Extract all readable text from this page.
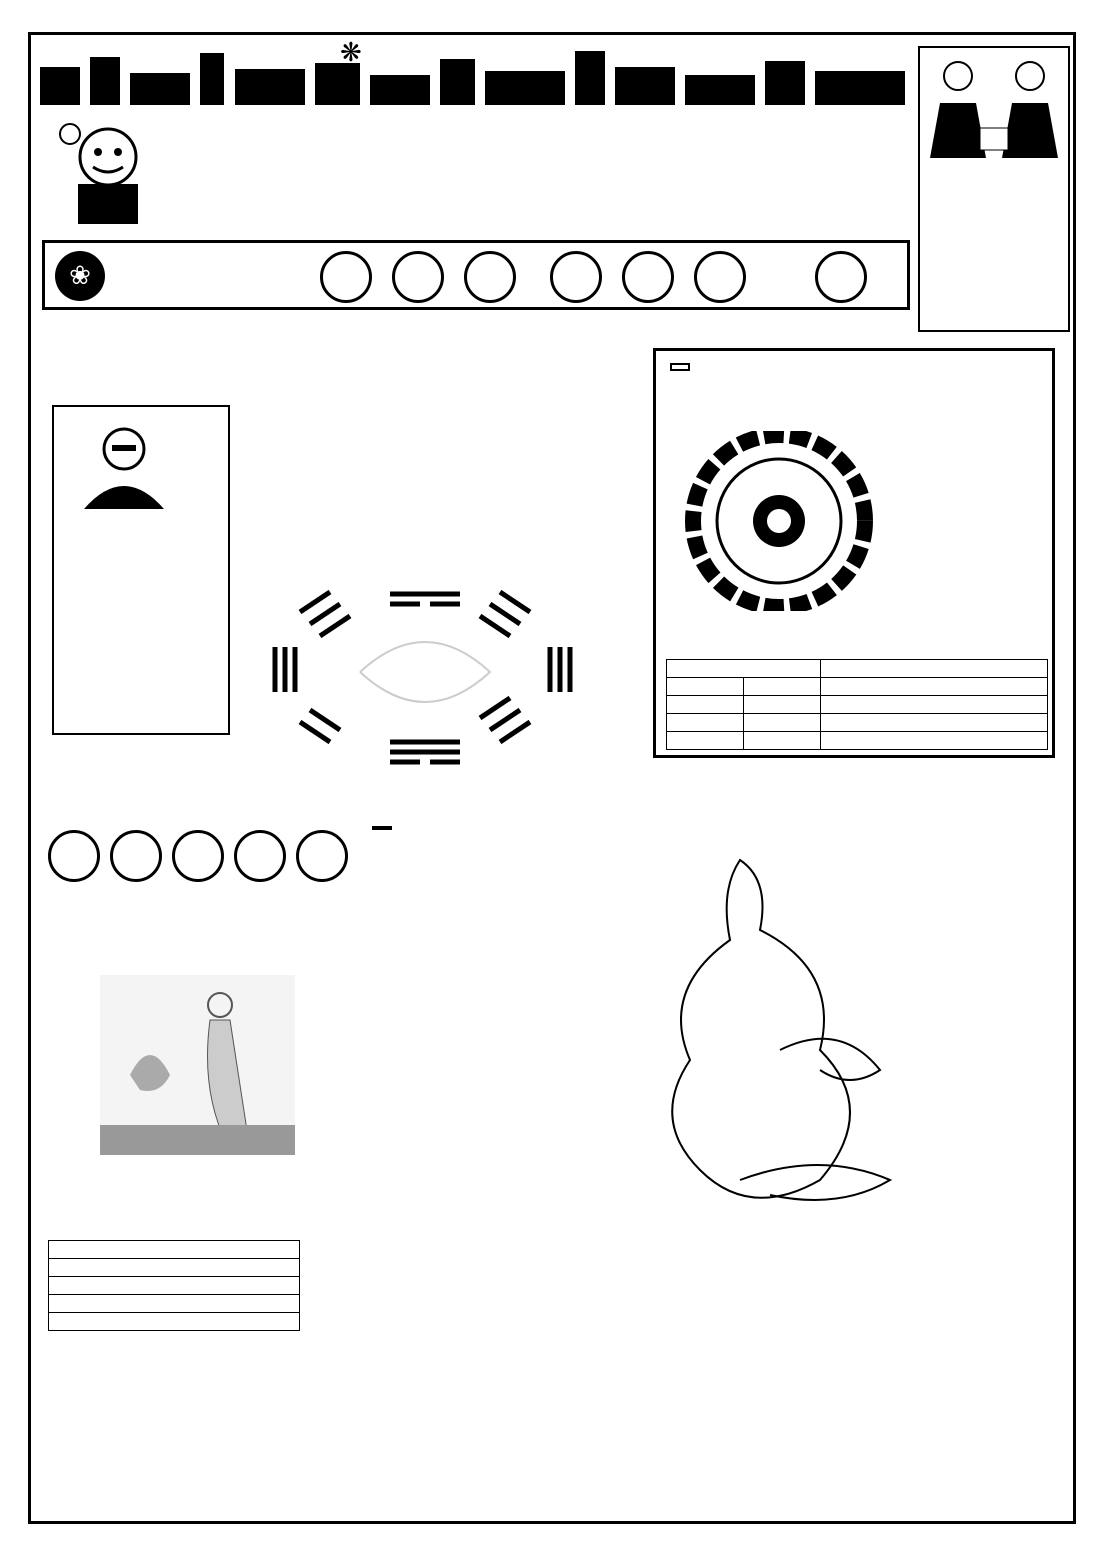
❋
❀
